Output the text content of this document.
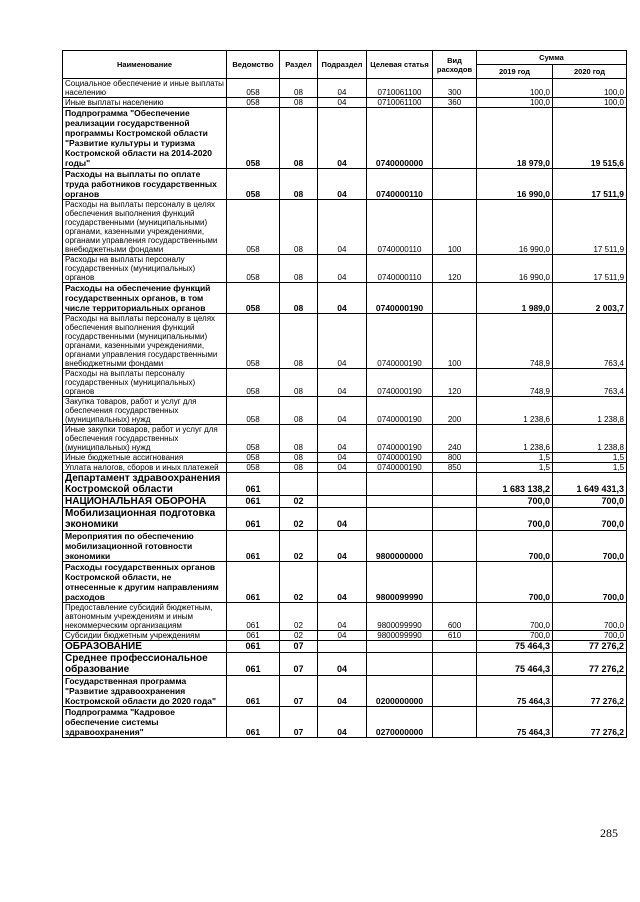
Наименование	Ведомство	Раздел	Подраздел	Целевая статья	Вид расходов	Сумма	
						2019 год	2020 год
Социальное обеспечение и иные выплаты населению	058	08	04	0710061100	300	100,0	100,0
Иные выплаты населению	058	08	04	0710061100	360	100,0	100,0
Подпрограмма "Обеспечение реализации государственной программы Костромской области "Развитие культуры и туризма Костромской области на 2014-2020 годы"	058	08	04	0740000000		18 979,0	19 515,6
Расходы на выплаты по оплате труда работников государственных органов	058	08	04	0740000110		16 990,0	17 511,9
Расходы на выплаты персоналу в целях обеспечения выполнения функций государственными (муниципальными) органами, казенными учреждениями, органами управления государственными внебюджетными фондами	058	08	04	0740000110	100	16 990,0	17 511,9
Расходы на выплаты персоналу государственных (муниципальных) органов	058	08	04	0740000110	120	16 990,0	17 511,9
Расходы на обеспечение функций государственных органов, в том числе территориальных органов	058	08	04	0740000190		1 989,0	2 003,7
Расходы на выплаты персоналу в целях обеспечения выполнения функций государственными (муниципальными) органами, казенными учреждениями, органами управления государственными внебюджетными фондами	058	08	04	0740000190	100	748,9	763,4
Расходы на выплаты персоналу государственных (муниципальных) органов	058	08	04	0740000190	120	748,9	763,4
Закупка товаров, работ и услуг для обеспечения государственных (муниципальных) нужд	058	08	04	0740000190	200	1 238,6	1 238,8
Иные закупки товаров, работ и услуг для обеспечения государственных (муниципальных) нужд	058	08	04	0740000190	240	1 238,6	1 238,8
Иные бюджетные ассигнования	058	08	04	0740000190	800	1,5	1,5
Уплата налогов, сборов и иных платежей	058	08	04	0740000190	850	1,5	1,5
Департамент здравоохранения Костромской области	061					1 683 138,2	1 649 431,3
НАЦИОНАЛЬНАЯ ОБОРОНА	061	02				700,0	700,0
Мобилизационная подготовка экономики	061	02	04			700,0	700,0
Мероприятия по обеспечению мобилизационной готовности экономики	061	02	04	9800000000		700,0	700,0
Расходы государственных органов Костромской области, не отнесенные к другим направлениям расходов	061	02	04	9800099990		700,0	700,0
Предоставление субсидий бюджетным, автономным учреждениям и иным некоммерческим организациям	061	02	04	9800099990	600	700,0	700,0
Субсидии бюджетным учреждениям	061	02	04	9800099990	610	700,0	700,0
ОБРАЗОВАНИЕ	061	07				75 464,3	77 276,2
Среднее профессиональное образование	061	07	04			75 464,3	77 276,2
Государственная программа "Развитие здравоохранения Костромской области до 2020 года"	061	07	04	0200000000		75 464,3	77 276,2
Подпрограмма "Кадровое обеспечение системы здравоохранения"	061	07	04	0270000000		75 464,3	77 276,2
285
